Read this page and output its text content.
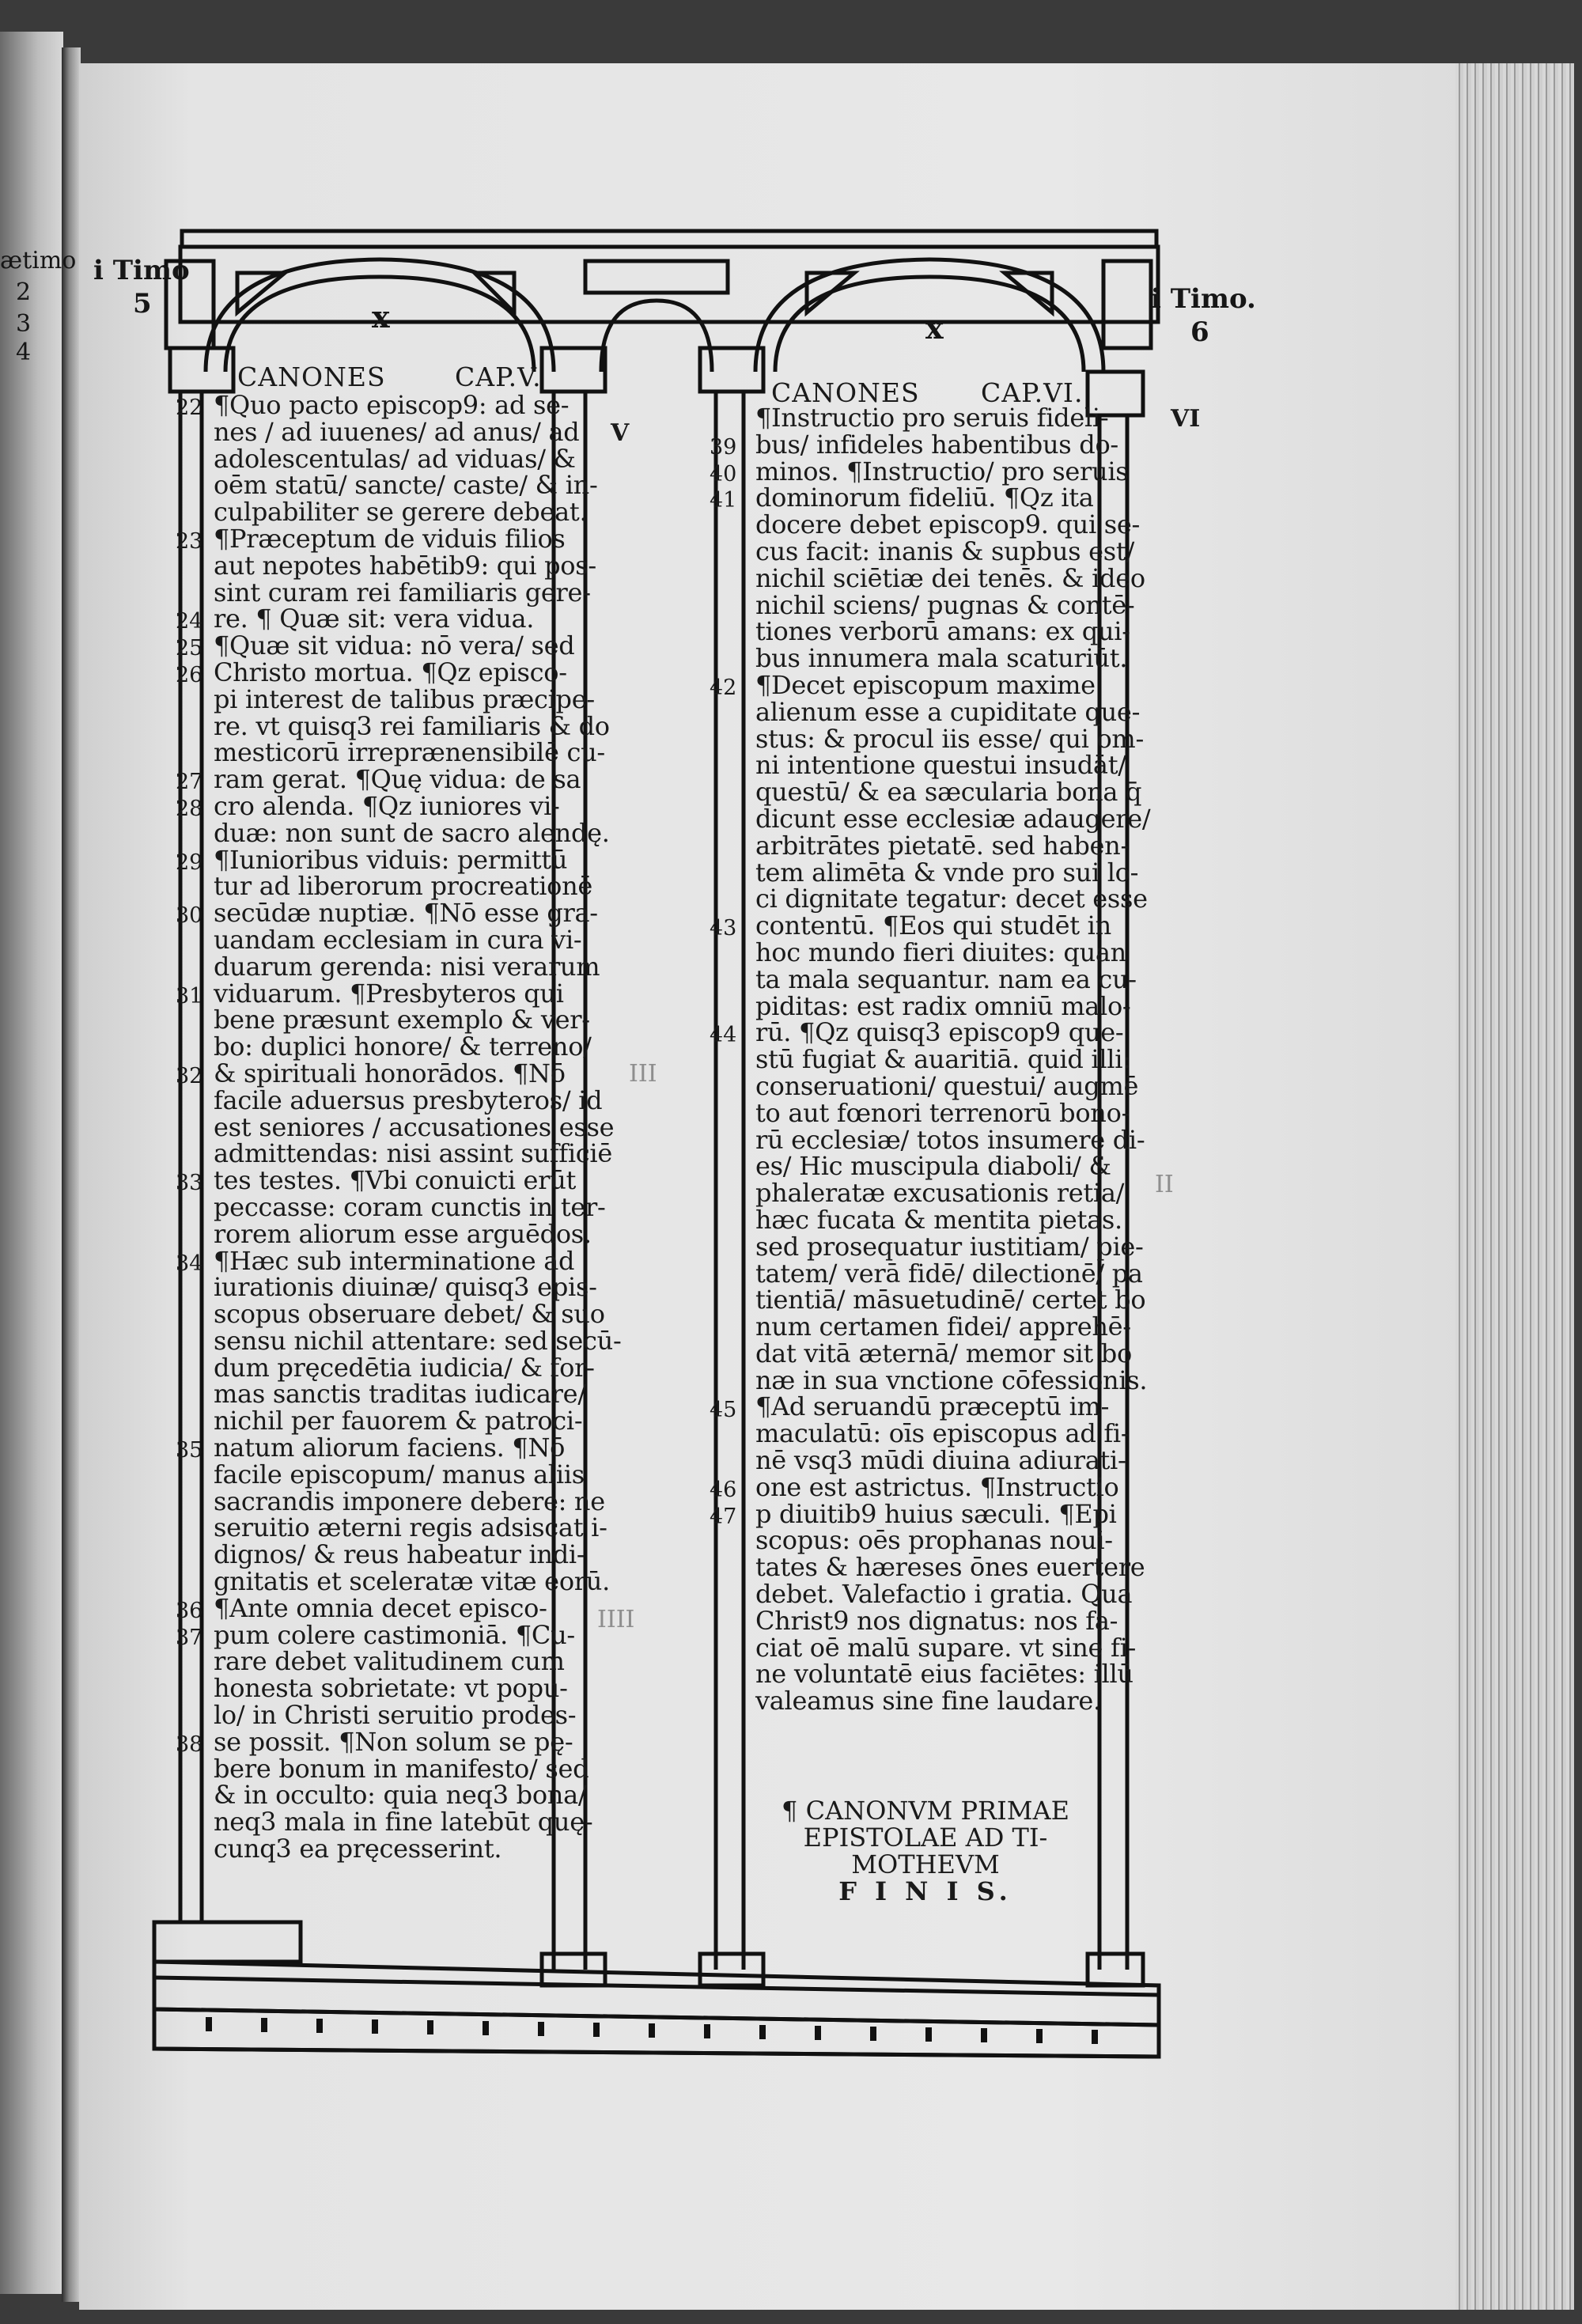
ætimo
2
3
4
i Timo
5	i Timo.
6
x	x
V
VI
III
II
IIII
CANONES	CAP.V.
CANONES CAP.VI.
¶Quo pacto episcop9: ad se-
nes / ad iuuenes/ ad anus/ ad
adolescentulas/ ad viduas/ &
oēm statū/ sancte/ caste/ & in-
culpabiliter se gerere debeat.
¶Præceptum de viduis filios
aut nepotes habētib9: qui pos-
sint curam rei familiaris gere-
re. ¶ Quæ sit: vera vidua.
¶Quæ sit vidua: nō vera/ sed
Christo mortua. ¶Qz episco-
pi interest de talibus præcipe-
re. vt quisq3 rei familiaris & do
mesticorū irreprænensibilē cu-
ram gerat. ¶Quę vidua: de sa
cro alenda. ¶Qz iuniores vi-
duæ: non sunt de sacro alendę.
¶Iunioribus viduis: permittū
tur ad liberorum procreationē
secūdæ nuptiæ. ¶Nō esse gra-
uandam ecclesiam in cura vi-
duarum gerenda: nisi verarum
viduarum. ¶Presbyteros qui
bene præsunt exemplo & ver-
bo: duplici honore/ & terreno/
& spirituali honorādos. ¶Nō
facile aduersus presbyteros/ id
est seniores / accusationes esse
admittendas: nisi assint sufficiē
tes testes. ¶Vbi conuicti erūt
peccasse: coram cunctis in ter-
rorem aliorum esse arguēdos.
¶Hæc sub interminatione ad
iurationis diuinæ/ quisq3 epis-
scopus obseruare debet/ & suo
sensu nichil attentare: sed secū-
dum pręcedētia iudicia/ & for-
mas sanctis traditas iudicare/
nichil per fauorem & patroci-
natum aliorum faciens. ¶Nō
facile episcopum/ manus aliis
sacrandis imponere debere: ne
seruitio æterni regis adsiscat i-
dignos/ & reus habeatur indi-
gnitatis et sceleratæ vitæ eorū.
¶Ante omnia decet episco-
pum colere castimoniā. ¶Cu-
rare debet valitudinem cum
honesta sobrietate: vt popu-
lo/ in Christi seruitio prodes-
se possit. ¶Non solum se pę-
bere bonum in manifesto/ sed
& in occulto: quia neq3 bona/
neq3 mala in fine latebūt quę-
cunq3 ea pręcesserint.
22
23
24
25
26
27
28
29
30
31
32
33
34
35
36
37
38
¶Instructio pro seruis fideli-
bus/ infideles habentibus do-
minos. ¶Instructio/ pro seruis
dominorum fideliū. ¶Qz ita
docere debet episcop9. qui se-
cus facit: inanis & supbus est/
nichil sciētiæ dei tenēs. & ideo
nichil sciens/ pugnas & contē-
tiones verborū amans: ex qui-
bus innumera mala scaturiūt.
¶Decet episcopum maxime
alienum esse a cupiditate que-
stus: & procul iis esse/ qui om-
ni intentione questui insudāt/
questū/ & ea sæcularia bona q̄
dicunt esse ecclesiæ adaugere/
arbitrātes pietatē. sed haben-
tem alimēta & vnde pro sui lo-
ci dignitate tegatur: decet esse
contentū. ¶Eos qui studēt in
hoc mundo fieri diuites: quan
ta mala sequantur. nam ea cu-
piditas: est radix omniū malo-
rū. ¶Qz quisq3 episcop9 que-
stū fugiat & auaritiā. quid illi:
conseruationi/ questui/ augmē
to aut fœnori terrenorū bono-
rū ecclesiæ/ totos insumere di-
es/ Hic muscipula diaboli/ &
phaleratæ excusationis retia/
hæc fucata & mentita pietas.
sed prosequatur iustitiam/ pie-
tatem/ verā fidē/ dilectionē/ pa
tientiā/ māsuetudinē/ certet bo
num certamen fidei/ apprehē-
dat vitā æternā/ memor sit bo
næ in sua vnctione cōfessionis.
¶Ad seruandū præceptū im-
maculatū: oīs episcopus ad fi-
nē vsq3 mūdi diuina adiurati-
one est astrictus. ¶Instructio
p diuitib9 huius sæculi. ¶Epi
scopus: oēs prophanas noui-
tates & hæreses ōnes euertere
debet. Valefactio i gratia. Qua
Christ9 nos dignatus: nos fa-
ciat oē malū supare. vt sine fi-
ne voluntatē eius faciētes: illū
valeamus sine fine laudare.
39
40
41
42
43
44
45
46
47
¶ CANONVM PRIMAE
EPISTOLAE AD TI-
MOTHEVM
F I N I S.
